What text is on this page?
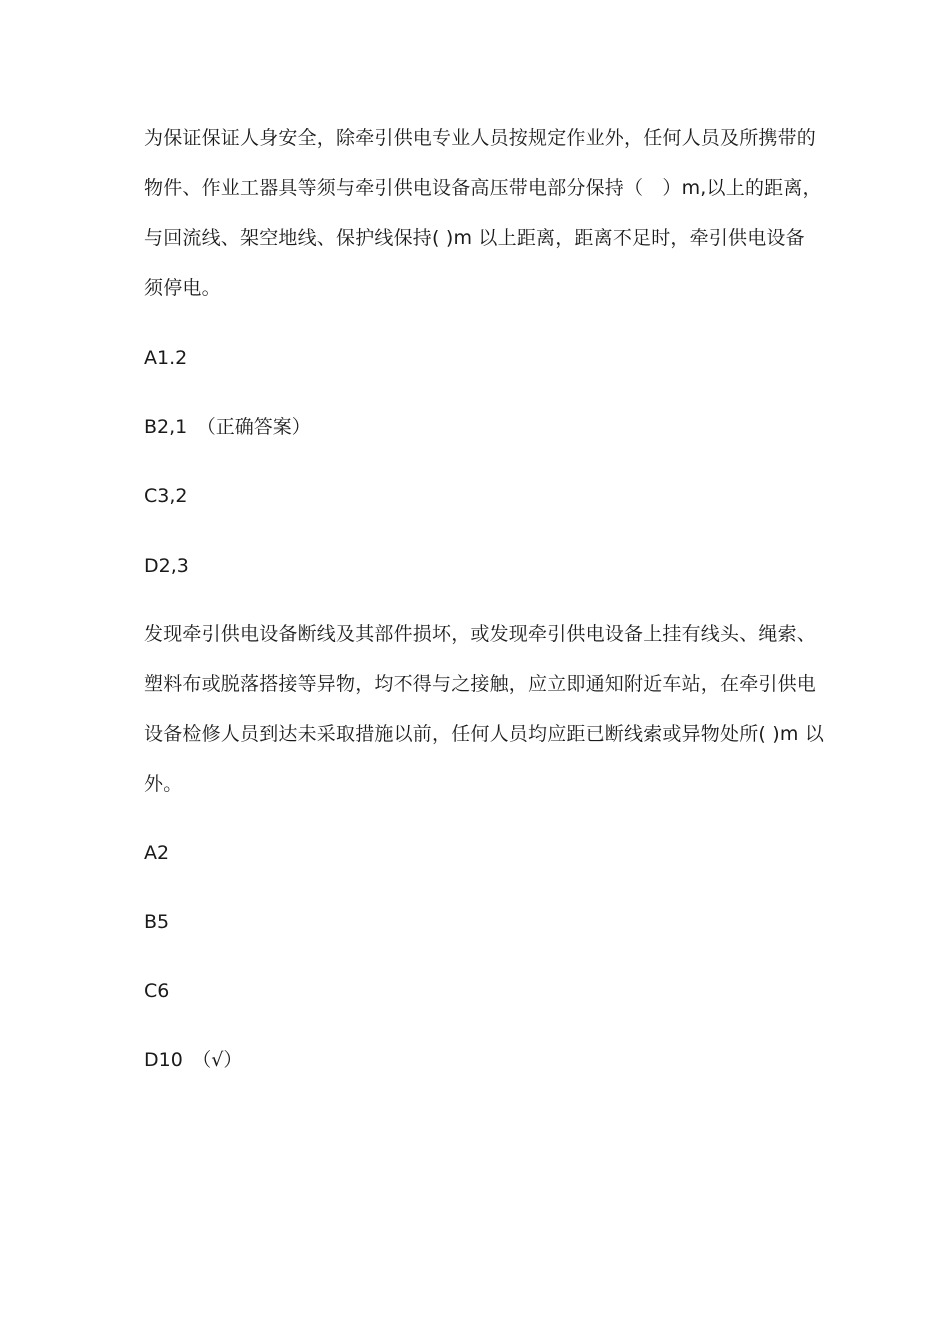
为保证保证人身安全，除牵引供电专业人员按规定作业外，任何人员及所携带的
物件、作业工器具等须与牵引供电设备高压带电部分保持（　）m,以上的距离，
与回流线、架空地线、保护线保持( )m 以上距离，距离不足时，牵引供电设备
须停电。
A1.2
B2,1　（正确答案）
C3,2
D2,3
发现牵引供电设备断线及其部件损坏，或发现牵引供电设备上挂有线头、绳索、
塑料布或脱落搭接等异物，均不得与之接触，应立即通知附近车站，在牵引供电
设备检修人员到达未采取措施以前，任何人员均应距已断线索或异物处所( )m 以
外。
A2
B5
C6
D10　（√）
